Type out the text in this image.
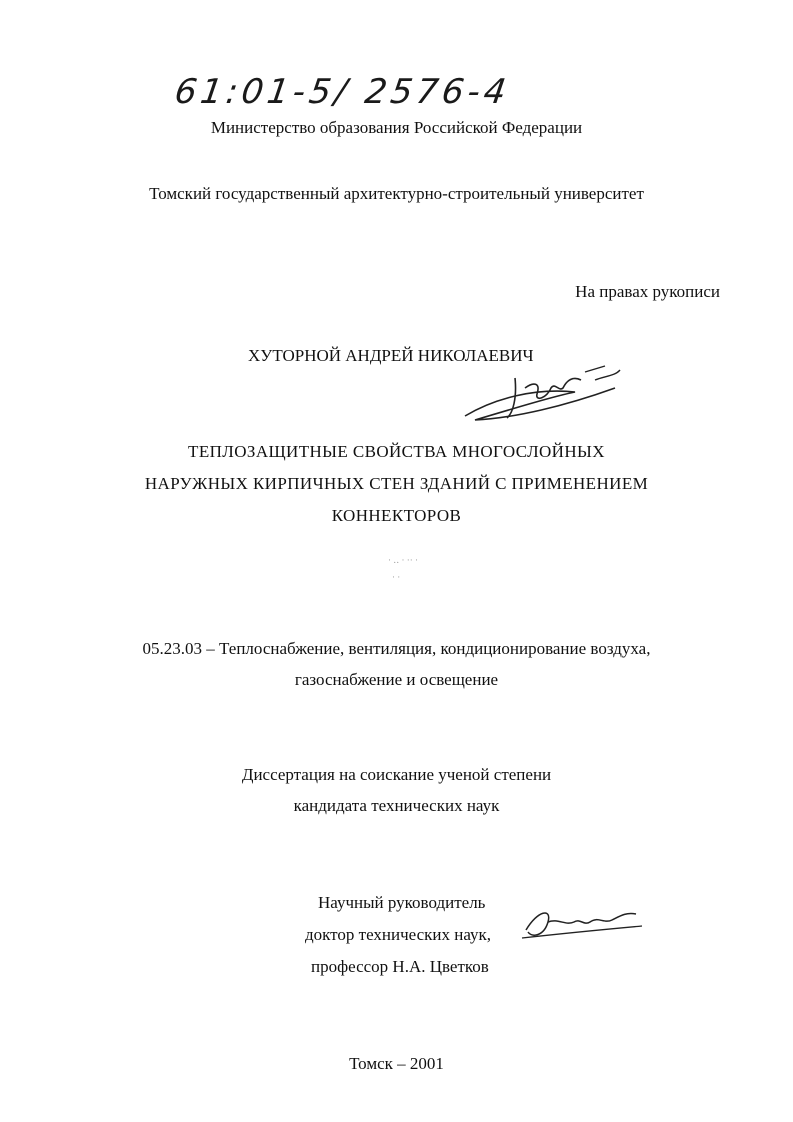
61:01-5/ 2576-4
Министерство образования Российской Федерации
Томский государственный архитектурно-строительный университет
На правах рукописи
ХУТОРНОЙ АНДРЕЙ НИКОЛАЕВИЧ
ТЕПЛОЗАЩИТНЫЕ СВОЙСТВА МНОГОСЛОЙНЫХ
НАРУЖНЫХ КИРПИЧНЫХ СТЕН ЗДАНИЙ С ПРИМЕНЕНИЕМ
КОННЕКТОРОВ
· ‥ · ·· ·
· ·
05.23.03 – Теплоснабжение, вентиляция, кондиционирование воздуха,
газоснабжение и освещение
Диссертация на соискание ученой степени
кандидата технических наук
Научный руководитель
доктор технических наук,
профессор Н.А. Цветков
Томск – 2001
